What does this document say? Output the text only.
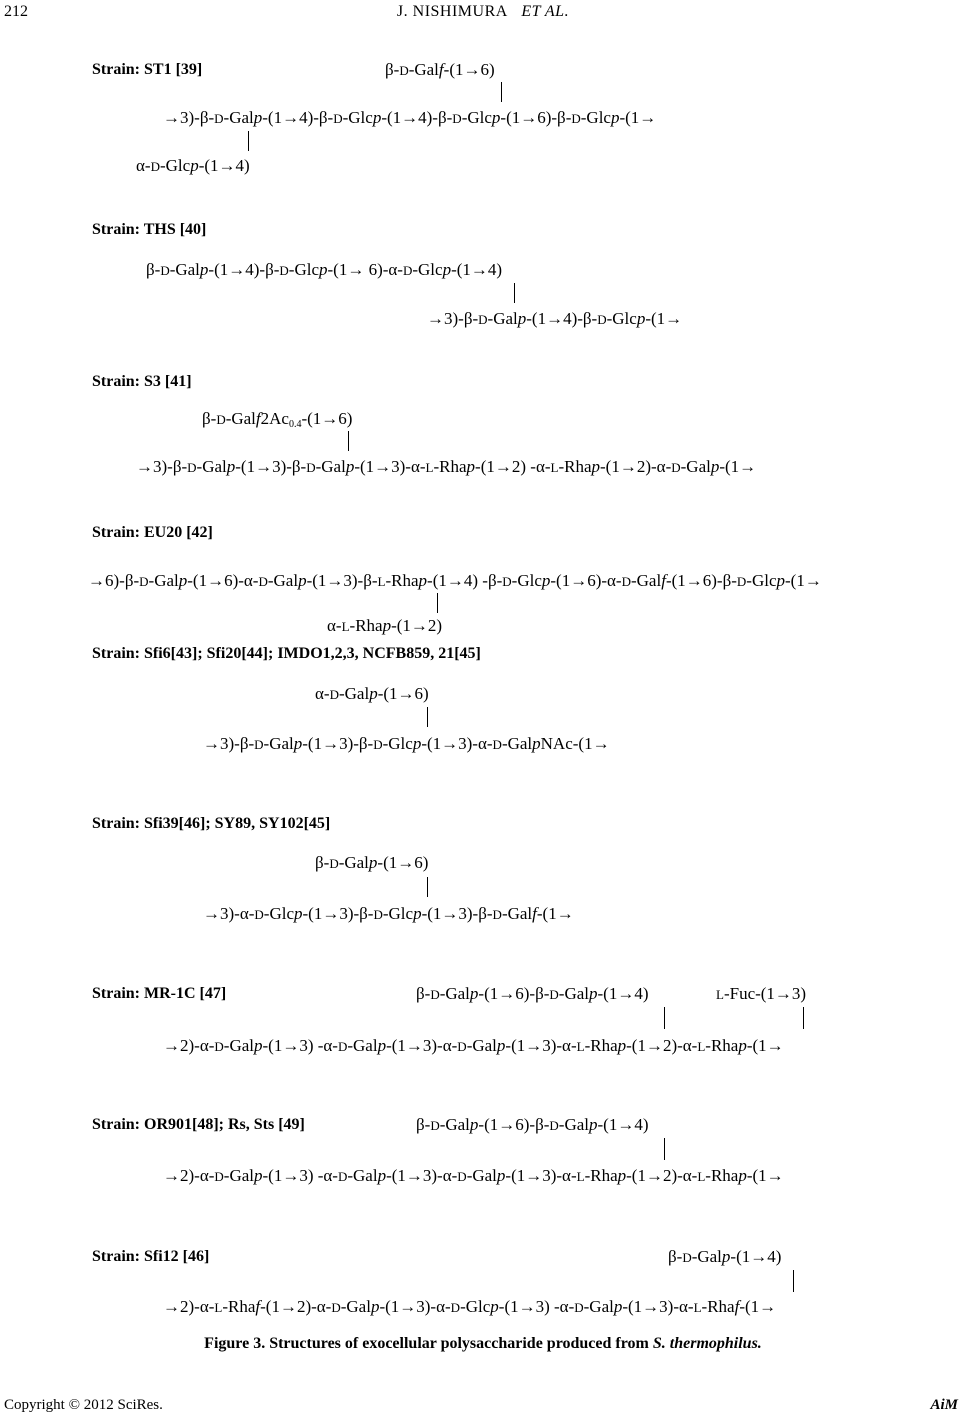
212	J. NISHIMURA ET AL.
Strain: ST1 [39]	β-D-Galf-(1→6)
→3)-β-D-Galp-(1→4)-β-D-Glcp-(1→4)-β-D-Glcp-(1→6)-β-D-Glcp-(1→
α-D-Glcp-(1→4)
Strain: THS [40]
β-D-Galp-(1→4)-β-D-Glcp-(1→ 6)-α-D-Glcp-(1→4)
→3)-β-D-Galp-(1→4)-β-D-Glcp-(1→
Strain: S3 [41]
$\beta-D-Galf2Ac_{0.4}-(1\to 6)$
→3)-β-D-Galp-(1→3)-β-D-Galp-(1→3)-α-L-Rhap-(1→2) -α-L-Rhap-(1→2)-α-D-Galp-(1→
Strain: EU20 [42]
→6)-β-D-Galp-(1→6)-α-D-Galp-(1→3)-β-L-Rhap-(1→4) -β-D-Glcp-(1→6)-α-D-Galf-(1→6)-β-D-Glcp-(1→
α-L-Rhap-(1→2)
Strain: Sfi6[43]; Sfi20[44]; IMDO1,2,3, NCFB859, 21[45]
α-D-Galp-(1→6)
→3)-β-D-Galp-(1→3)-β-D-Glcp-(1→3)-α-D-GalpNAc-(1→
Strain: Sfi39[46]; SY89, SY102[45]
β-D-Galp-(1→6)
→3)-α-D-Glcp-(1→3)-β-D-Glcp-(1→3)-β-D-Galf-(1→
Strain: MR-1C [47]	β-D-Galp-(1→6)-β-D-Galp-(1→4)	L-Fuc-(1→3)
→2)-α-D-Galp-(1→3) -α-D-Galp-(1→3)-α-D-Galp-(1→3)-α-L-Rhap-(1→2)-α-L-Rhap-(1→
Strain: OR901[48]; Rs, Sts [49]	β-D-Galp-(1→6)-β-D-Galp-(1→4)
→2)-α-D-Galp-(1→3) -α-D-Galp-(1→3)-α-D-Galp-(1→3)-α-L-Rhap-(1→2)-α-L-Rhap-(1→
Strain: Sfi12 [46]	β-D-Galp-(1→4)
→2)-α-L-Rhaf-(1→2)-α-D-Galp-(1→3)-α-D-Glcp-(1→3) -α-D-Galp-(1→3)-α-L-Rhaf-(1→
Figure 3. Structures of exocellular polysaccharide produced from S. thermophilus.
Copyright © 2012 SciRes.	AiM
